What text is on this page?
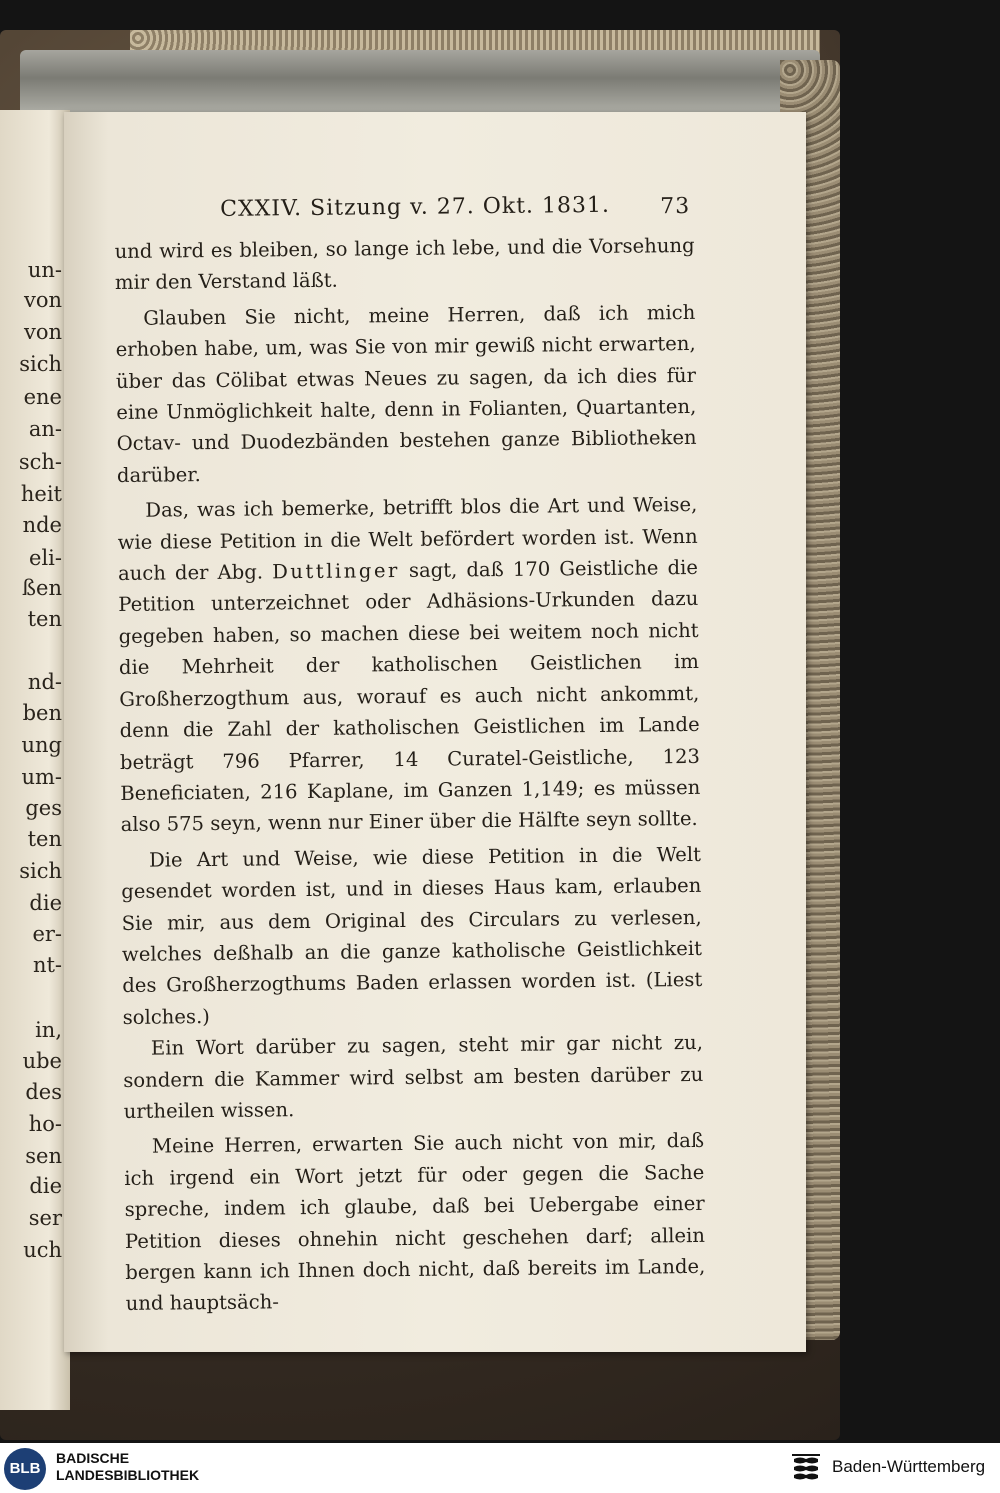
un-
von
von
sich
ene
an-
sch-
heit
nde
eli-
ßen
ten
nd-
ben
ung
um-
ges
ten
sich
die
er-
nt-
in,
ube
des
ho-
sen
die
ser
uch
CXXIV. Sitzung v. 27. Okt. 1831. 73

und wird es bleiben, so lange ich lebe, und die Vorsehung mir den Verstand läßt.

Glauben Sie nicht, meine Herren, daß ich mich erhoben habe, um, was Sie von mir gewiß nicht erwarten, über das Cölibat etwas Neues zu sagen, da ich dies für eine Unmöglichkeit halte, denn in Folianten, Quartanten, Octav- und Duodezbänden bestehen ganze Bibliotheken darüber.

Das, was ich bemerke, betrifft blos die Art und Weise, wie diese Petition in die Welt befördert worden ist. Wenn auch der Abg. Duttlinger sagt, daß 170 Geistliche die Petition unterzeichnet oder Adhäsions-Urkunden dazu gegeben haben, so machen diese bei weitem noch nicht die Mehrheit der katholischen Geistlichen im Großherzogthum aus, worauf es auch nicht ankommt, denn die Zahl der katholischen Geistlichen im Lande beträgt 796 Pfarrer, 14 Curatel-Geistliche, 123 Beneficiaten, 216 Kaplane, im Ganzen 1,149; es müssen also 575 seyn, wenn nur Einer über die Hälfte seyn sollte.

Die Art und Weise, wie diese Petition in die Welt gesendet worden ist, und in dieses Haus kam, erlauben Sie mir, aus dem Original des Circulars zu verlesen, welches deßhalb an die ganze katholische Geistlichkeit des Großherzogthums Baden erlassen worden ist. (Liest solches.)

Ein Wort darüber zu sagen, steht mir gar nicht zu, sondern die Kammer wird selbst am besten darüber zu urtheilen wissen.

Meine Herren, erwarten Sie auch nicht von mir, daß ich irgend ein Wort jetzt für oder gegen die Sache spreche, indem ich glaube, daß bei Uebergabe einer Petition dieses ohnehin nicht geschehen darf; allein bergen kann ich Ihnen doch nicht, daß bereits im Lande, und hauptsäch-

BLB
BADISCHE
LANDESBIBLIOTHEK	Baden-Württemberg
